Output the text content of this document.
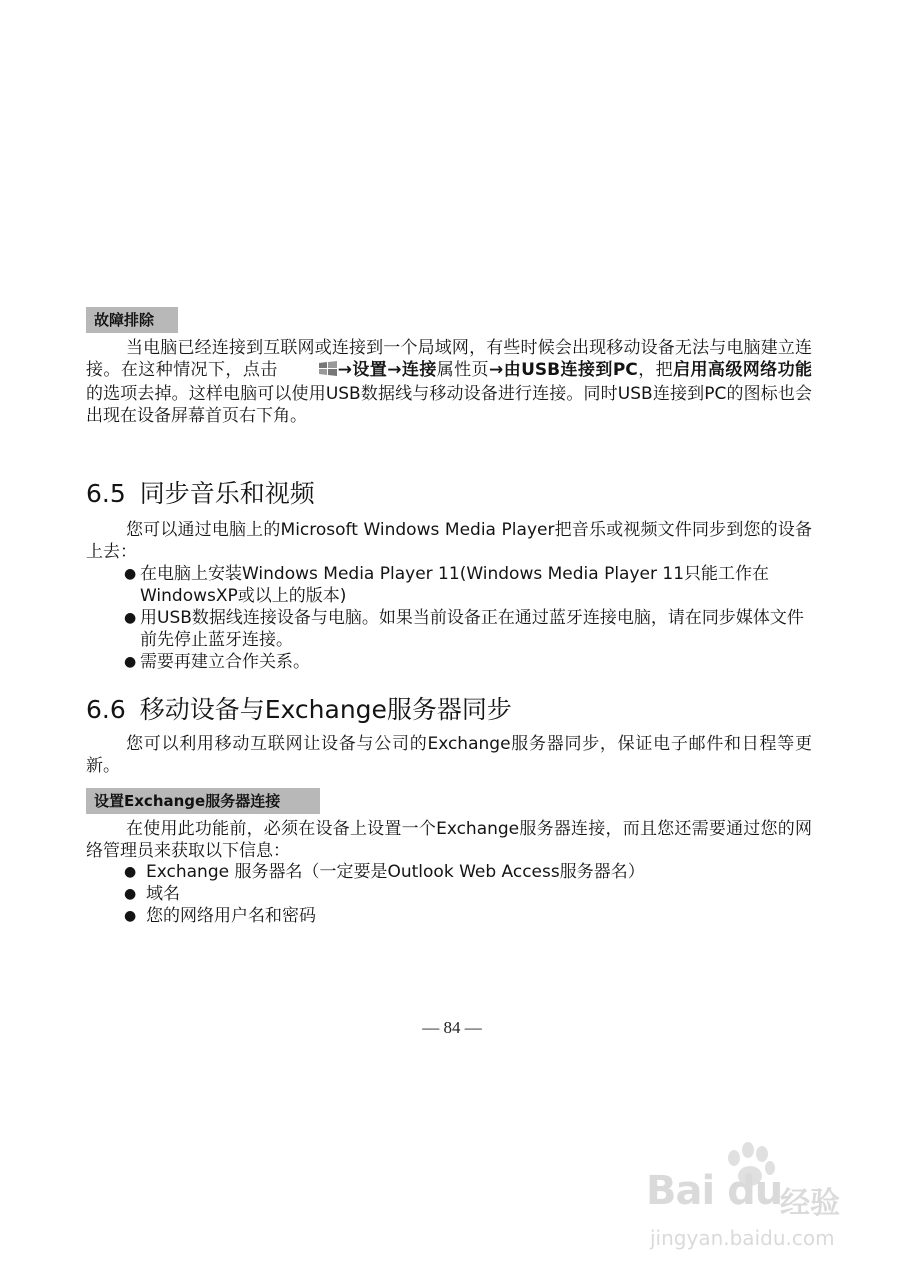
故障排除

当电脑已经连接到互联网或连接到一个局域网，有些时候会出现移动设备无法与电脑建立连接。在这种情况下，点击	→设置→连接属性页→由USB连接到PC，把启用高级网络功能的选项去掉。这样电脑可以使用USB数据线与移动设备进行连接。同时USB连接到PC的图标也会出现在设备屏幕首页右下角。

6.5 同步音乐和视频

您可以通过电脑上的Microsoft Windows Media Player把音乐或视频文件同步到您的设备上去：

● 在电脑上安装Windows Media Player 11(Windows Media Player 11只能工作在WindowsXP或以上的版本)
● 用USB数据线连接设备与电脑。如果当前设备正在通过蓝牙连接电脑，请在同步媒体文件前先停止蓝牙连接。
● 需要再建立合作关系。
6.6 移动设备与Exchange服务器同步

您可以利用移动互联网让设备与公司的Exchange服务器同步，保证电子邮件和日程等更新。

设置Exchange服务器连接

在使用此功能前，必须在设备上设置一个Exchange服务器连接，而且您还需要通过您的网络管理员来获取以下信息：

● Exchange 服务器名（一定要是Outlook Web Access服务器名）
● 域名
● 您的网络用户名和密码
— 84 —
Bai du
经验
jingyan.baidu.com
